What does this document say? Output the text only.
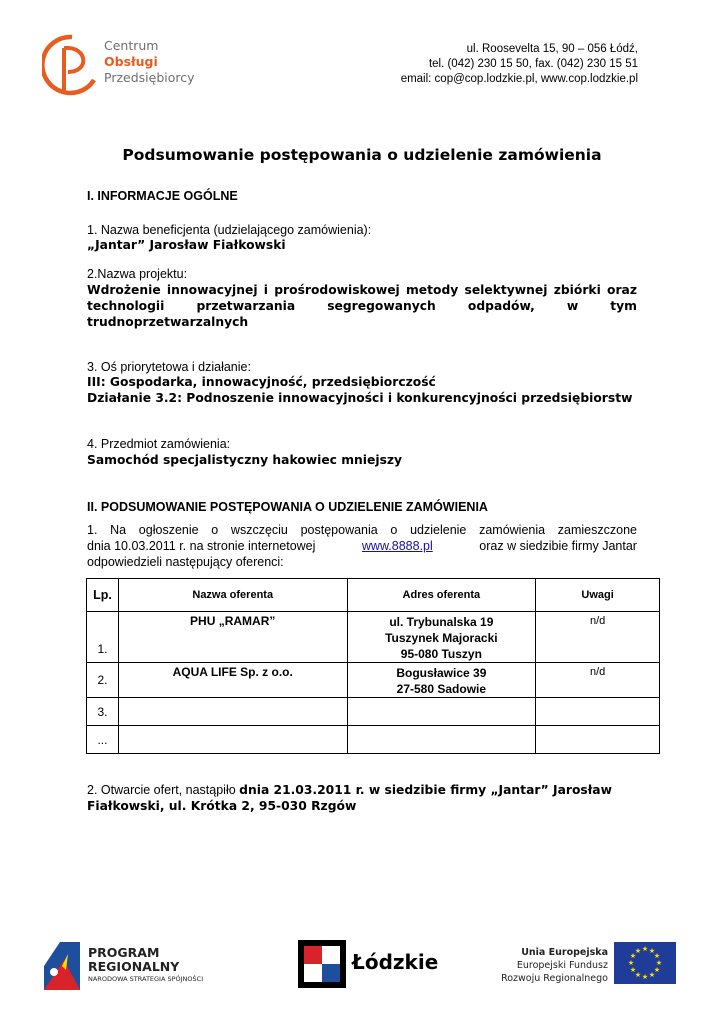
Centrum
Obsługi
Przedsiębiorcy
ul. Roosevelta 15, 90 – 056 Łódź,
tel. (042) 230 15 50, fax. (042) 230 15 51
email: cop@cop.lodzkie.pl, www.cop.lodzkie.pl
Podsumowanie postępowania o udzielenie zamówienia
I. INFORMACJE OGÓLNE
1. Nazwa beneficjenta (udzielającego zamówienia):
„Jantar” Jarosław Fiałkowski
2.Nazwa projektu:
Wdrożenie innowacyjnej i prośrodowiskowej metody selektywnej zbiórki oraz
technologii przetwarzania segregowanych odpadów, w tym
trudnoprzetwarzalnych
3. Oś priorytetowa i działanie:
III: Gospodarka, innowacyjność, przedsiębiorczość
Działanie 3.2: Podnoszenie innowacyjności i konkurencyjności przedsiębiorstw
4. Przedmiot zamówienia:
Samochód specjalistyczny hakowiec mniejszy
II. PODSUMOWANIE POSTĘPOWANIA O UDZIELENIE ZAMÓWIENIA
1. Na ogłoszenie o wszczęciu postępowania o udzielenie zamówienia zamieszczone
dnia 10.03.2011 r. na stronie internetowej	www.8888.pl	oraz w siedzibie firmy Jantar
odpowiedzieli następujący oferenci:
Lp.	Nazwa oferenta	Adres oferenta	Uwagi
1.	PHU „RAMAR”	ul. Trybunalska 19
Tuszynek Majoracki
95-080 Tuszyn	n/d
2.	AQUA LIFE Sp. z o.o.	Bogusławice 39
27-580 Sadowie	n/d
3.			
...			
2. Otwarcie ofert, nastąpiło dnia 21.03.2011 r. w siedzibie firmy „Jantar” Jarosław
Fiałkowski, ul. Krótka 2, 95-030 Rzgów
PROGRAM
REGIONALNY
NARODOWA STRATEGIA SPÓJNOŚCI
Łódzkie	Unia Europejska
Europejski Fundusz
Rozwoju Regionalnego
★ ★
★
★
★
★
★
★
★
★
★
★
